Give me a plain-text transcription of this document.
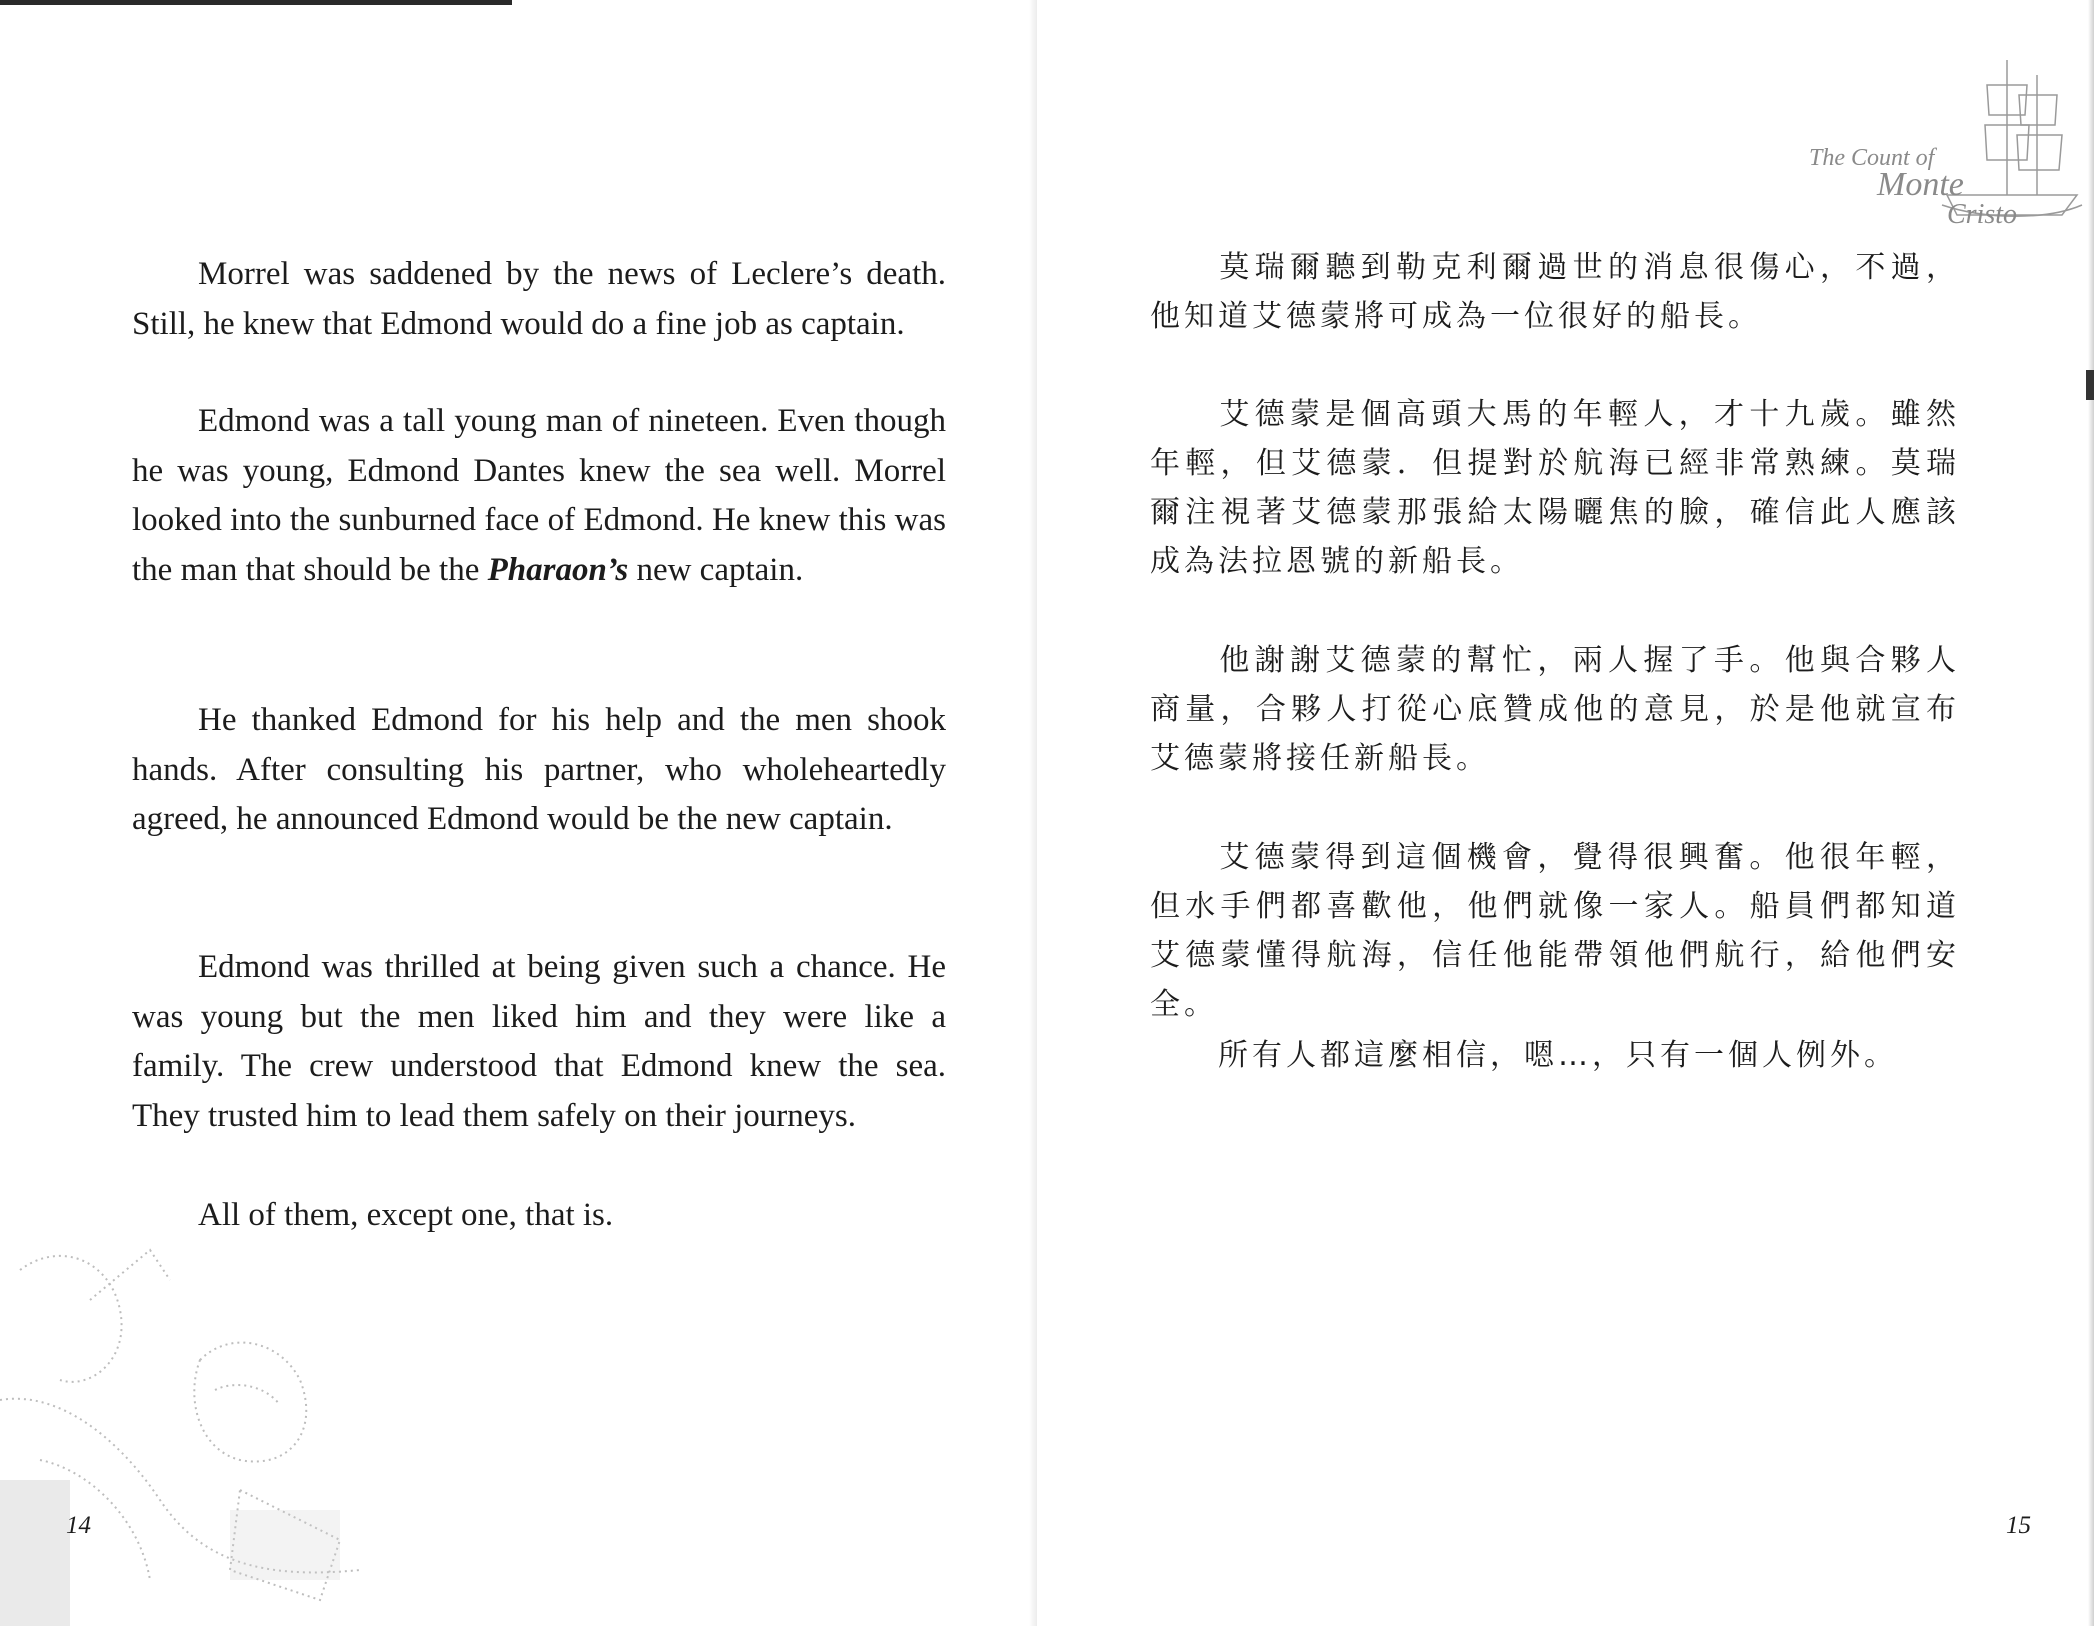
Morrel was saddened by the news of Leclere’s death. Still, he knew that Edmond would do a fine job as captain.

Edmond was a tall young man of nineteen. Even though he was young, Edmond Dantes knew the sea well. Morrel looked into the sunburned face of Edmond. He knew this was the man that should be the Pharaon’s new captain.

He thanked Edmond for his help and the men shook hands. After consulting his partner, who wholeheartedly agreed, he announced Edmond would be the new captain.

Edmond was thrilled at being given such a chance. He was young but the men liked him and they were like a family. The crew understood that Edmond knew the sea. They trusted him to lead them safely on their journeys.

All of them, except one, that is.

14
The Count of
Monte
Cristo

莫瑞爾聽到勒克利爾過世的消息很傷心，不過，他知道艾德蒙將可成為一位很好的船長。

艾德蒙是個高頭大馬的年輕人，才十九歲。雖然年輕，但艾德蒙．但提對於航海已經非常熟練。莫瑞爾注視著艾德蒙那張給太陽曬焦的臉，確信此人應該成為法拉恩號的新船長。

他謝謝艾德蒙的幫忙，兩人握了手。他與合夥人商量，合夥人打從心底贊成他的意見，於是他就宣布艾德蒙將接任新船長。

艾德蒙得到這個機會，覺得很興奮。他很年輕，但水手們都喜歡他，他們就像一家人。船員們都知道艾德蒙懂得航海，信任他能帶領他們航行，給他們安全。

所有人都這麼相信，嗯…，只有一個人例外。

15
